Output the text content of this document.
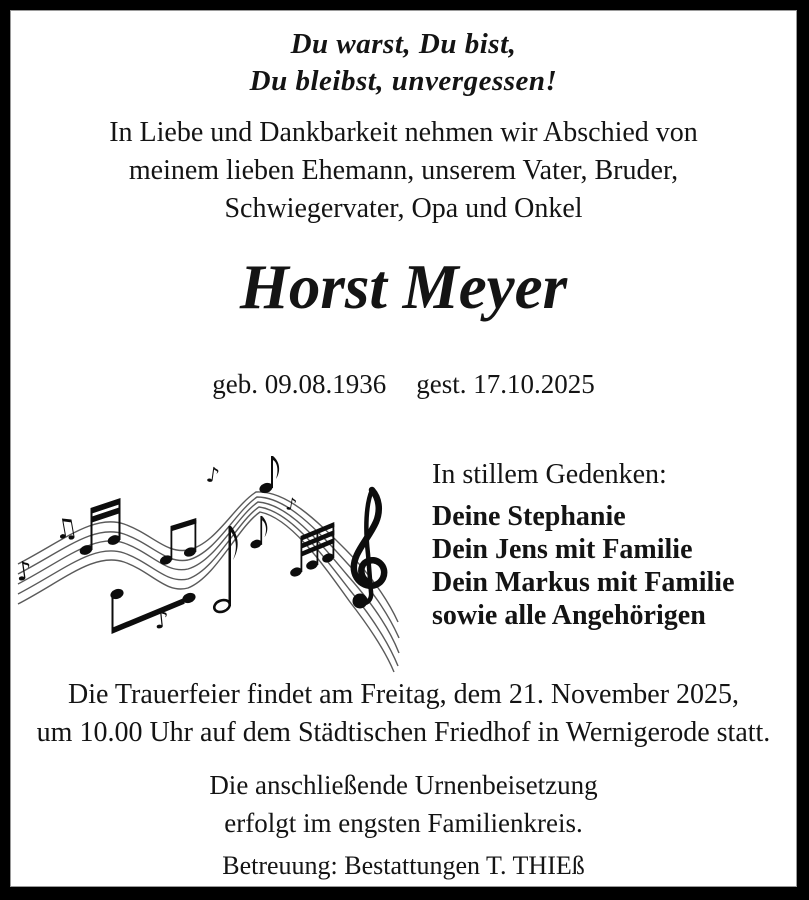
Du warst, Du bist,
Du bleibst, unvergessen!
In Liebe und Dankbarkeit nehmen wir Abschied von
meinem lieben Ehemann, unserem Vater, Bruder,
Schwiegervater, Opa und Onkel
Horst Meyer
geb. 09.08.1936 gest. 17.10.2025
♪
♫
♪
♪
♪
In stillem Gedenken:
Deine Stephanie
Dein Jens mit Familie
Dein Markus mit Familie
sowie alle Angehörigen
Die Trauerfeier findet am Freitag, dem 21. November 2025,
um 10.00 Uhr auf dem Städtischen Friedhof in Wernigerode statt.
Die anschließende Urnenbeisetzung
erfolgt im engsten Familienkreis.
Betreuung: Bestattungen T. THIEß
